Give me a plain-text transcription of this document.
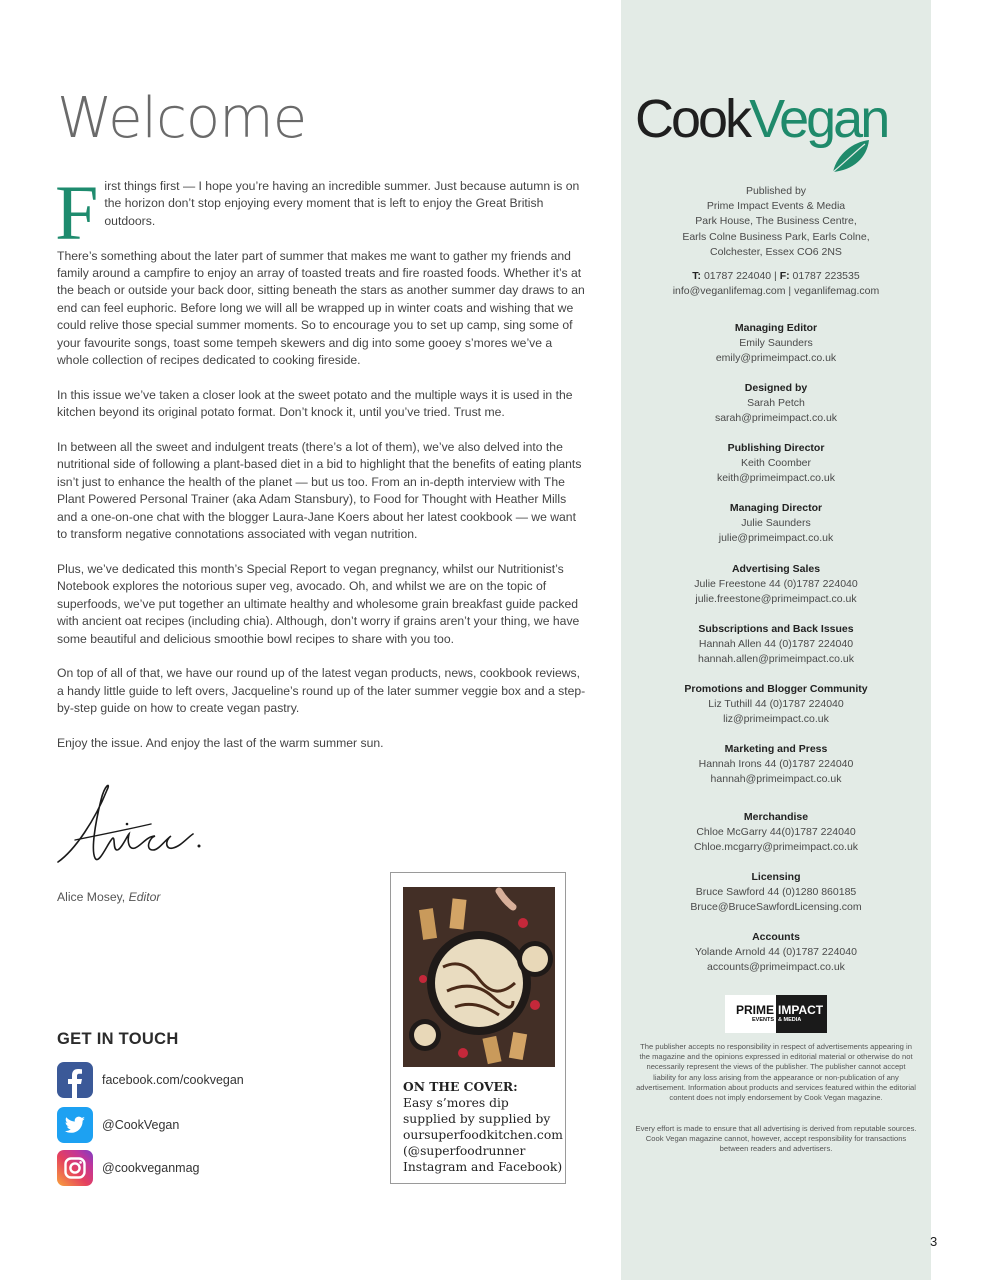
Welcome

First things first — I hope you’re having an incredible summer. Just because autumn is on the horizon don’t stop enjoying every moment that is left to enjoy the Great British outdoors.

There’s something about the later part of summer that makes me want to gather my friends and family around a campfire to enjoy an array of toasted treats and fire roasted foods. Whether it’s at the beach or outside your back door, sitting beneath the stars as another summer day draws to an end can feel euphoric. Before long we will all be wrapped up in winter coats and wishing that we could relive those special summer moments. So to encourage you to set up camp, sing some of your favourite songs, toast some tempeh skewers and dig into some gooey s’mores we’ve a whole collection of recipes dedicated to cooking fireside.

In this issue we’ve taken a closer look at the sweet potato and the multiple ways it is used in the kitchen beyond its original potato format. Don’t knock it, until you’ve tried. Trust me.

In between all the sweet and indulgent treats (there’s a lot of them), we’ve also delved into the nutritional side of following a plant-based diet in a bid to highlight that the benefits of eating plants isn’t just to enhance the health of the planet — but us too. From an in-depth interview with The Plant Powered Personal Trainer (aka Adam Stansbury), to Food for Thought with Heather Mills and a one-on-one chat with the blogger Laura-Jane Koers about her latest cookbook — we want to transform negative connotations associated with vegan nutrition.

Plus, we’ve dedicated this month’s Special Report to vegan pregnancy, whilst our Nutritionist’s Notebook explores the notorious super veg, avocado. Oh, and whilst we are on the topic of superfoods, we’ve put together an ultimate healthy and wholesome grain breakfast guide packed with ancient oat recipes (including chia). Although, don’t worry if grains aren’t your thing, we have some beautiful and delicious smoothie bowl recipes to share with you too.

On top of all of that, we have our round up of the latest vegan products, news, cookbook reviews, a handy little guide to left overs, Jacqueline’s round up of the later summer veggie box and a step-by-step guide on how to create vegan pastry.

Enjoy the issue. And enjoy the last of the warm summer sun.

Alice.
Alice Mosey, Editor
GET IN TOUCH
facebook.com/cookvegan
@CookVegan
@cookveganmag
ON THE COVER:
Easy s’mores dip supplied by supplied by oursuperfoodkitchen.com (@superfoodrunner Instagram and Facebook)
CookVegan
Published by
Prime Impact Events & Media
Park House, The Business Centre,
Earls Colne Business Park, Earls Colne,
Colchester, Essex CO6 2NS
T: 01787 224040 | F: 01787 223535
info@veganlifemag.com | veganlifemag.com
Managing Editor
Emily Saunders
emily@primeimpact.co.uk
Designed by
Sarah Petch
sarah@primeimpact.co.uk
Publishing Director
Keith Coomber
keith@primeimpact.co.uk
Managing Director
Julie Saunders
julie@primeimpact.co.uk
Advertising Sales
Julie Freestone 44 (0)1787 224040
julie.freestone@primeimpact.co.uk
Subscriptions and Back Issues
Hannah Allen 44 (0)1787 224040
hannah.allen@primeimpact.co.uk
Promotions and Blogger Community
Liz Tuthill 44 (0)1787 224040
liz@primeimpact.co.uk
Marketing and Press
Hannah Irons 44 (0)1787 224040
hannah@primeimpact.co.uk
Merchandise
Chloe McGarry 44(0)1787 224040
Chloe.mcgarry@primeimpact.co.uk
Licensing
Bruce Sawford 44 (0)1280 860185
Bruce@BruceSawfordLicensing.com
Accounts
Yolande Arnold 44 (0)1787 224040
accounts@primeimpact.co.uk
PRIME
EVENTS
IMPACT
& MEDIA
The publisher accepts no responsibility in respect of advertisements appearing in the magazine and the opinions expressed in editorial material or otherwise do not necessarily represent the views of the publisher. The publisher cannot accept liability for any loss arising from the appearance or non-publication of any advertisement. Information about products and services featured within the editorial content does not imply endorsement by Cook Vegan magazine.
Every effort is made to ensure that all advertising is derived from reputable sources. Cook Vegan magazine cannot, however, accept responsibility for transactions between readers and advertisers.
3
